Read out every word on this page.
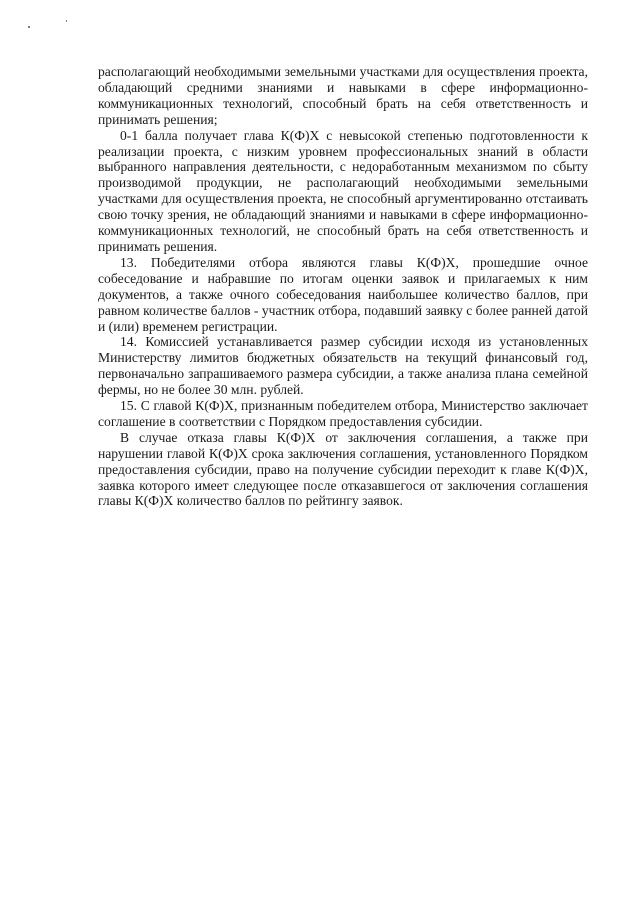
располагающий необходимыми земельными участками для осуществления проекта, обладающий средними знаниями и навыками в сфере информационно-коммуникационных технологий, способный брать на себя ответственность и принимать решения;

0-1 балла получает глава К(Ф)Х с невысокой степенью подготовленности к реализации проекта, с низким уровнем профессиональных знаний в области выбранного направления деятельности, с недоработанным механизмом по сбыту производимой продукции, не располагающий необходимыми земельными участками для осуществления проекта, не способный аргументированно отстаивать свою точку зрения, не обладающий знаниями и навыками в сфере информационно-коммуникационных технологий, не способный брать на себя ответственность и принимать решения.

13. Победителями отбора являются главы К(Ф)Х, прошедшие очное собеседование и набравшие по итогам оценки заявок и прилагаемых к ним документов, а также очного собеседования наибольшее количество баллов, при равном количестве баллов - участник отбора, подавший заявку с более ранней датой и (или) временем регистрации.

14. Комиссией устанавливается размер субсидии исходя из установленных Министерству лимитов бюджетных обязательств на текущий финансовый год, первоначально запрашиваемого размера субсидии, а также анализа плана семейной фермы, но не более 30 млн. рублей.

15. С главой К(Ф)Х, признанным победителем отбора, Министерство заключает соглашение в соответствии с Порядком предоставления субсидии.

В случае отказа главы К(Ф)Х от заключения соглашения, а также при нарушении главой К(Ф)Х срока заключения соглашения, установленного Порядком предоставления субсидии, право на получение субсидии переходит к главе К(Ф)Х, заявка которого имеет следующее после отказавшегося от заключения соглашения главы К(Ф)Х количество баллов по рейтингу заявок.
